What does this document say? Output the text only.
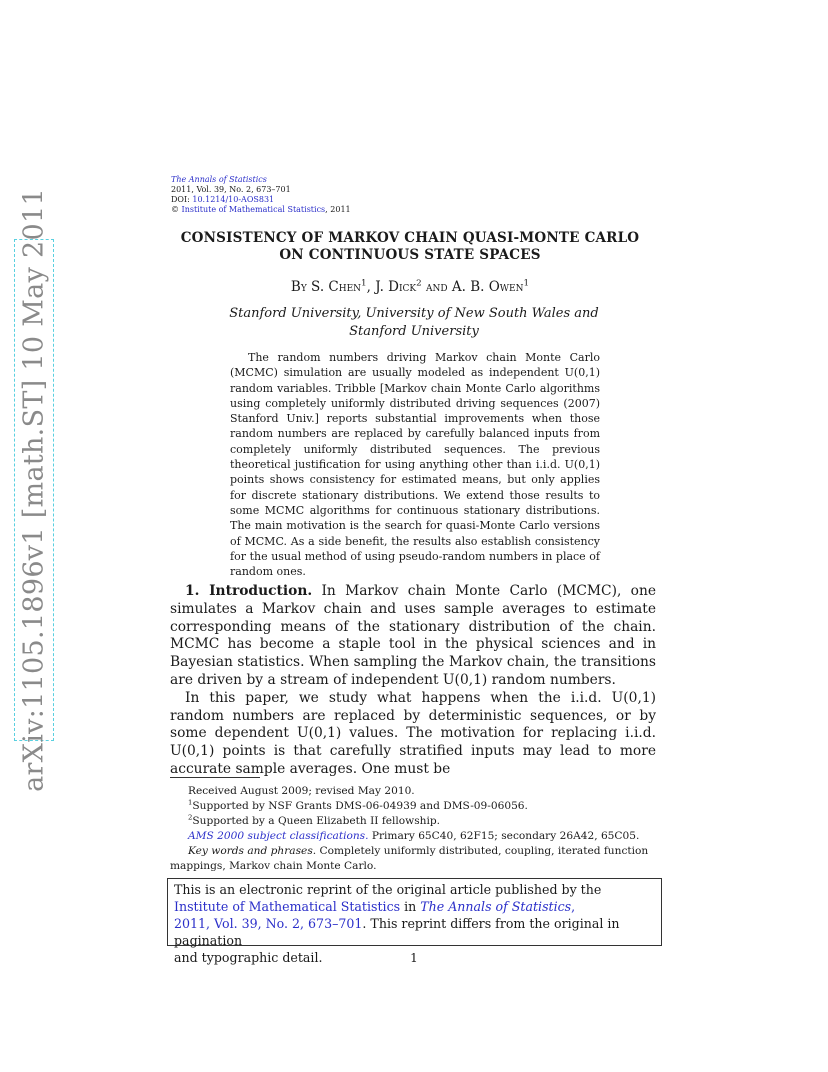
arXiv:1105.1896v1 [math.ST] 10 May 2011
The Annals of Statistics
2011, Vol. 39, No. 2, 673–701
DOI: 10.1214/10-AOS831
© Institute of Mathematical Statistics, 2011
CONSISTENCY OF MARKOV CHAIN QUASI-MONTE CARLO
ON CONTINUOUS STATE SPACES
By S. Chen$^1$, J. Dick$^2$ and A. B. Owen$^1$
Stanford University, University of New South Wales and
Stanford University

The random numbers driving Markov chain Monte Carlo (MCMC) simulation are usually modeled as independent U(0,1) random variables. Tribble [Markov chain Monte Carlo algorithms using completely uniformly distributed driving sequences (2007) Stanford Univ.] reports substantial improvements when those random numbers are replaced by carefully balanced inputs from completely uniformly distributed sequences. The previous theoretical justification for using anything other than i.i.d. U(0,1) points shows consistency for estimated means, but only applies for discrete stationary distributions. We extend those results to some MCMC algorithms for continuous stationary distributions. The main motivation is the search for quasi-Monte Carlo versions of MCMC. As a side benefit, the results also establish consistency for the usual method of using pseudo-random numbers in place of random ones.

1. Introduction. In Markov chain Monte Carlo (MCMC), one simulates a Markov chain and uses sample averages to estimate corresponding means of the stationary distribution of the chain. MCMC has become a staple tool in the physical sciences and in Bayesian statistics. When sampling the Markov chain, the transitions are driven by a stream of independent U(0,1) random numbers.

In this paper, we study what happens when the i.i.d. U(0,1) random numbers are replaced by deterministic sequences, or by some dependent U(0,1) values. The motivation for replacing i.i.d. U(0,1) points is that carefully stratified inputs may lead to more accurate sample averages. One must be

Received August 2009; revised May 2010.
$^1$Supported by NSF Grants DMS-06-04939 and DMS-09-06056.
$^2$Supported by a Queen Elizabeth II fellowship.
AMS 2000 subject classifications. Primary 65C40, 62F15; secondary 26A42, 65C05.
Key words and phrases. Completely uniformly distributed, coupling, iterated function
mappings, Markov chain Monte Carlo.
This is an electronic reprint of the original article published by the
Institute of Mathematical Statistics in The Annals of Statistics,
2011, Vol. 39, No. 2, 673–701. This reprint differs from the original in pagination
and typographic detail.	1
